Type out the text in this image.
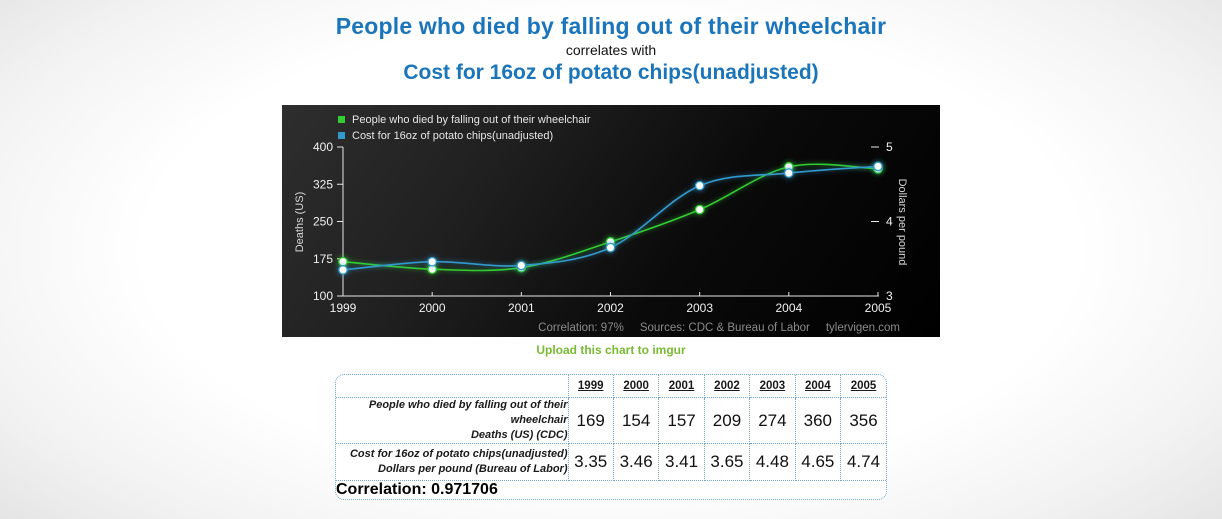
People who died by falling out of their wheelchair
correlates with
Cost for 16oz of potato chips(unadjusted)
400
325
250
175
100
1999	2000	2001	2002	2003	2004	2005
5
4
3
Correlation: 97% Sources: CDC & Bureau of Labor tylervigen.com
People who died by falling out of their wheelchair
Cost for 16oz of potato chips(unadjusted)
Deaths (US)	Dollars per pound
Upload this chart to imgur
	1999	2000	2001	2002	2003	2004	2005

People who died by falling out of their wheelchair
Deaths (US) (CDC)	169	154	157	209	274	360	356

Cost for 16oz of potato chips(unadjusted)
Dollars per pound (Bureau of Labor)	3.35	3.46	3.41	3.65	4.48	4.65	4.74
Correlation: 0.971706							
